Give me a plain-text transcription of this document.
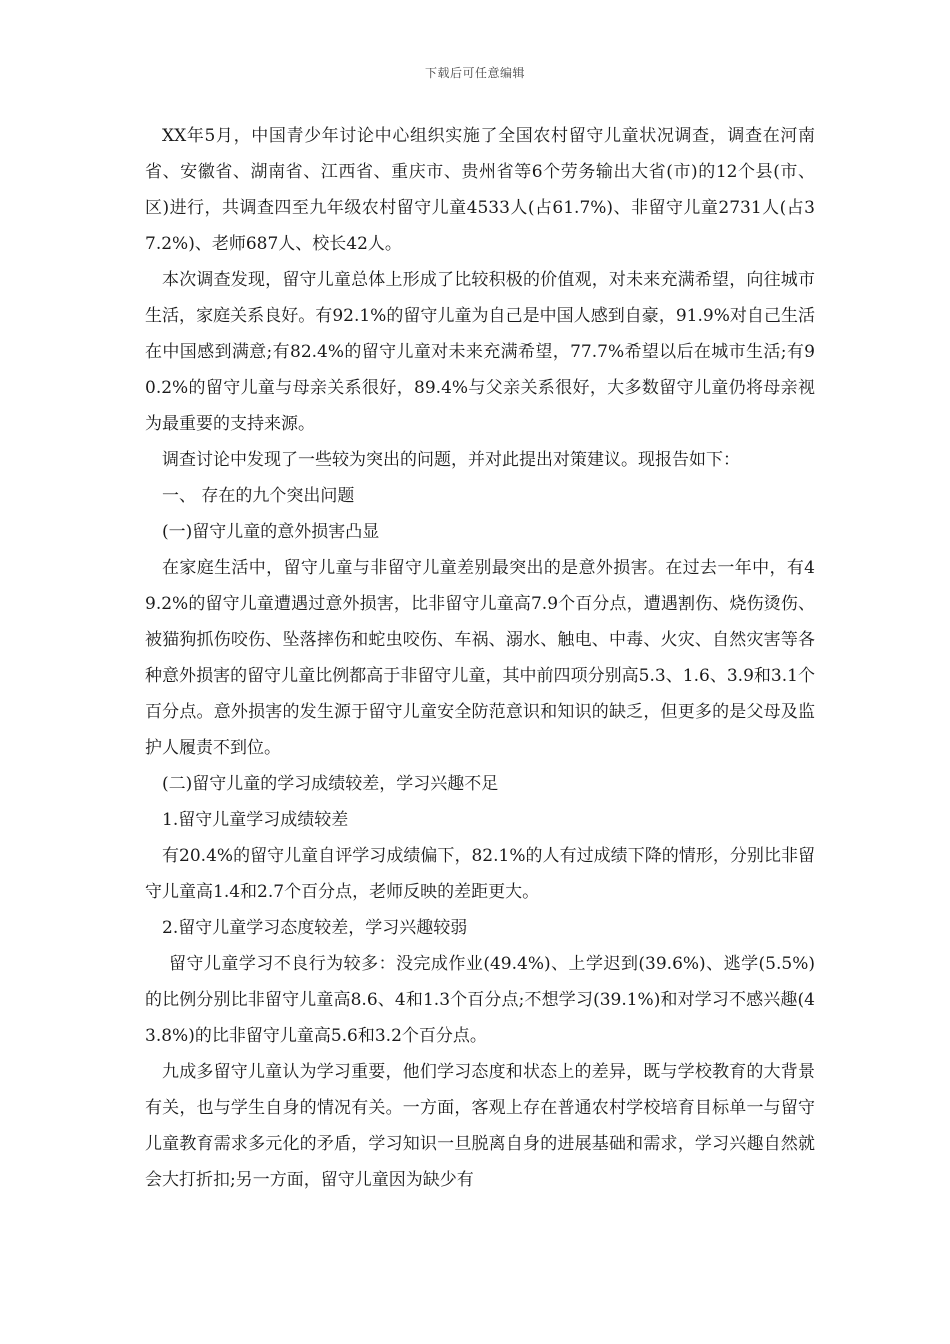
下载后可任意编辑

XX年5月，中国青少年讨论中心组织实施了全国农村留守儿童状况调查，调查在河南省、安徽省、湖南省、江西省、重庆市、贵州省等6个劳务输出大省(市)的12个县(市、区)进行，共调查四至九年级农村留守儿童4533人(占61.7%)、非留守儿童2731人(占37.2%)、老师687人、校长42人。

本次调查发现，留守儿童总体上形成了比较积极的价值观，对未来充满希望，向往城市生活，家庭关系良好。有92.1%的留守儿童为自己是中国人感到自豪，91.9%对自己生活在中国感到满意;有82.4%的留守儿童对未来充满希望，77.7%希望以后在城市生活;有90.2%的留守儿童与母亲关系很好，89.4%与父亲关系很好，大多数留守儿童仍将母亲视为最重要的支持来源。

调查讨论中发现了一些较为突出的问题，并对此提出对策建议。现报告如下：

一、 存在的九个突出问题

(一)留守儿童的意外损害凸显

在家庭生活中，留守儿童与非留守儿童差别最突出的是意外损害。在过去一年中，有49.2%的留守儿童遭遇过意外损害，比非留守儿童高7.9个百分点，遭遇割伤、烧伤烫伤、被猫狗抓伤咬伤、坠落摔伤和蛇虫咬伤、车祸、溺水、触电、中毒、火灾、自然灾害等各种意外损害的留守儿童比例都高于非留守儿童，其中前四项分别高5.3、1.6、3.9和3.1个百分点。意外损害的发生源于留守儿童安全防范意识和知识的缺乏，但更多的是父母及监护人履责不到位。

(二)留守儿童的学习成绩较差，学习兴趣不足

1.留守儿童学习成绩较差

有20.4%的留守儿童自评学习成绩偏下，82.1%的人有过成绩下降的情形，分别比非留守儿童高1.4和2.7个百分点，老师反映的差距更大。

2.留守儿童学习态度较差，学习兴趣较弱

留守儿童学习不良行为较多：没完成作业(49.4%)、上学迟到(39.6%)、逃学(5.5%)的比例分别比非留守儿童高8.6、4和1.3个百分点;不想学习(39.1%)和对学习不感兴趣(43.8%)的比非留守儿童高5.6和3.2个百分点。

九成多留守儿童认为学习重要，他们学习态度和状态上的差异，既与学校教育的大背景有关，也与学生自身的情况有关。一方面，客观上存在普通农村学校培育目标单一与留守儿童教育需求多元化的矛盾，学习知识一旦脱离自身的进展基础和需求，学习兴趣自然就会大打折扣;另一方面，留守儿童因为缺少有
